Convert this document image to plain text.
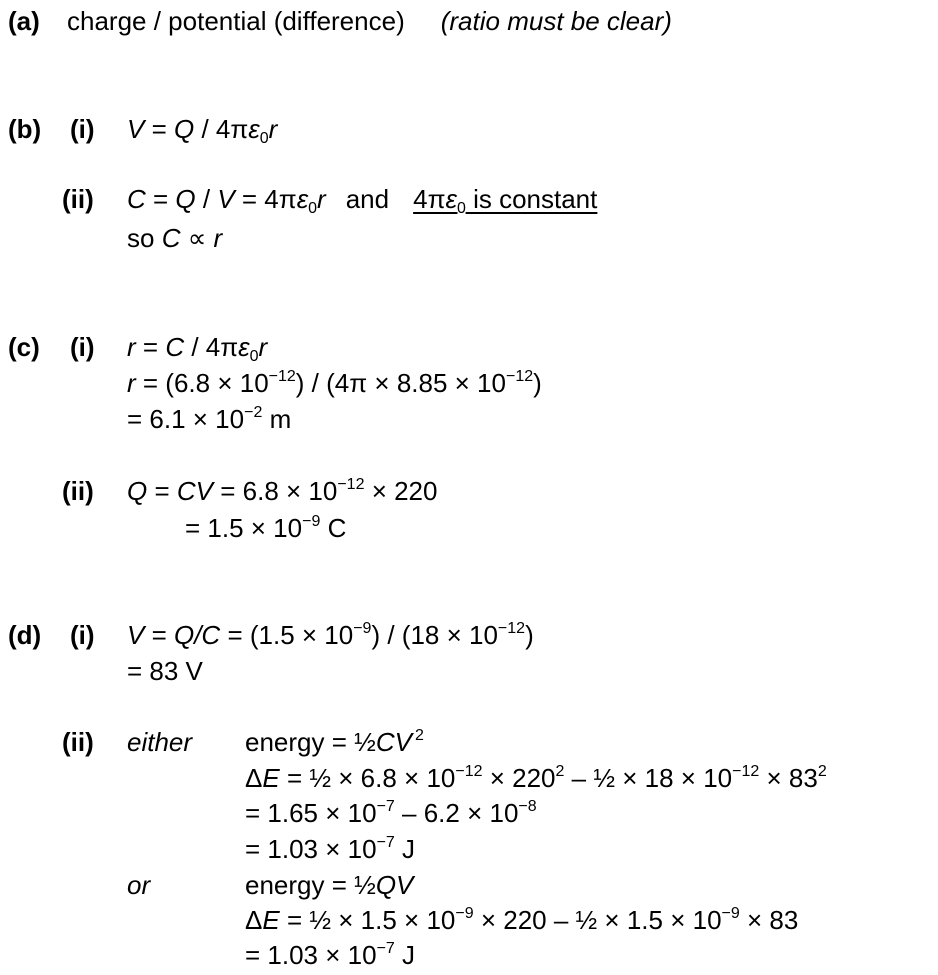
(a) charge / potential (difference) (ratio must be clear)
(b) (i) $V = Q / 4\pi\varepsilon_0r$
(ii) $C = Q / V = 4\pi\varepsilon_0r$ and $4\pi\varepsilon_0$ is constant
so C ∝ r
(c) (i) $r = C / 4\pi\varepsilon_0r$
$r = (6.8 \times 10^{-12}) / (4\pi \times 8.85 \times 10^{-12})$
= $6.1 \times 10^{-2}$ m
(ii) Q = CV = $6.8 \times 10^{-12} \times 220$
= $1.5 \times 10^{-9}$ C
(d) (i) $V = Q/C = (1.5 \times 10^{-9}) / (18 \times 10^{-12})$
= 83 V
(ii) either energy = ½CV $^2$
ΔE = ½ × $6.8 \times 10^{-12} \times 220^2$ – ½ × $18 \times 10^{-12} \times 83^2$
= $1.65 \times 10^{-7} - 6.2 \times 10^{-8}$
= $1.03 \times 10^{-7}$ J
or	energy = ½QV
ΔE = ½ × $1.5 \times 10^{-9} \times 220$ – ½ × $1.5 \times 10^{-9} \times 83$
= $1.03 \times 10^{-7}$ J
